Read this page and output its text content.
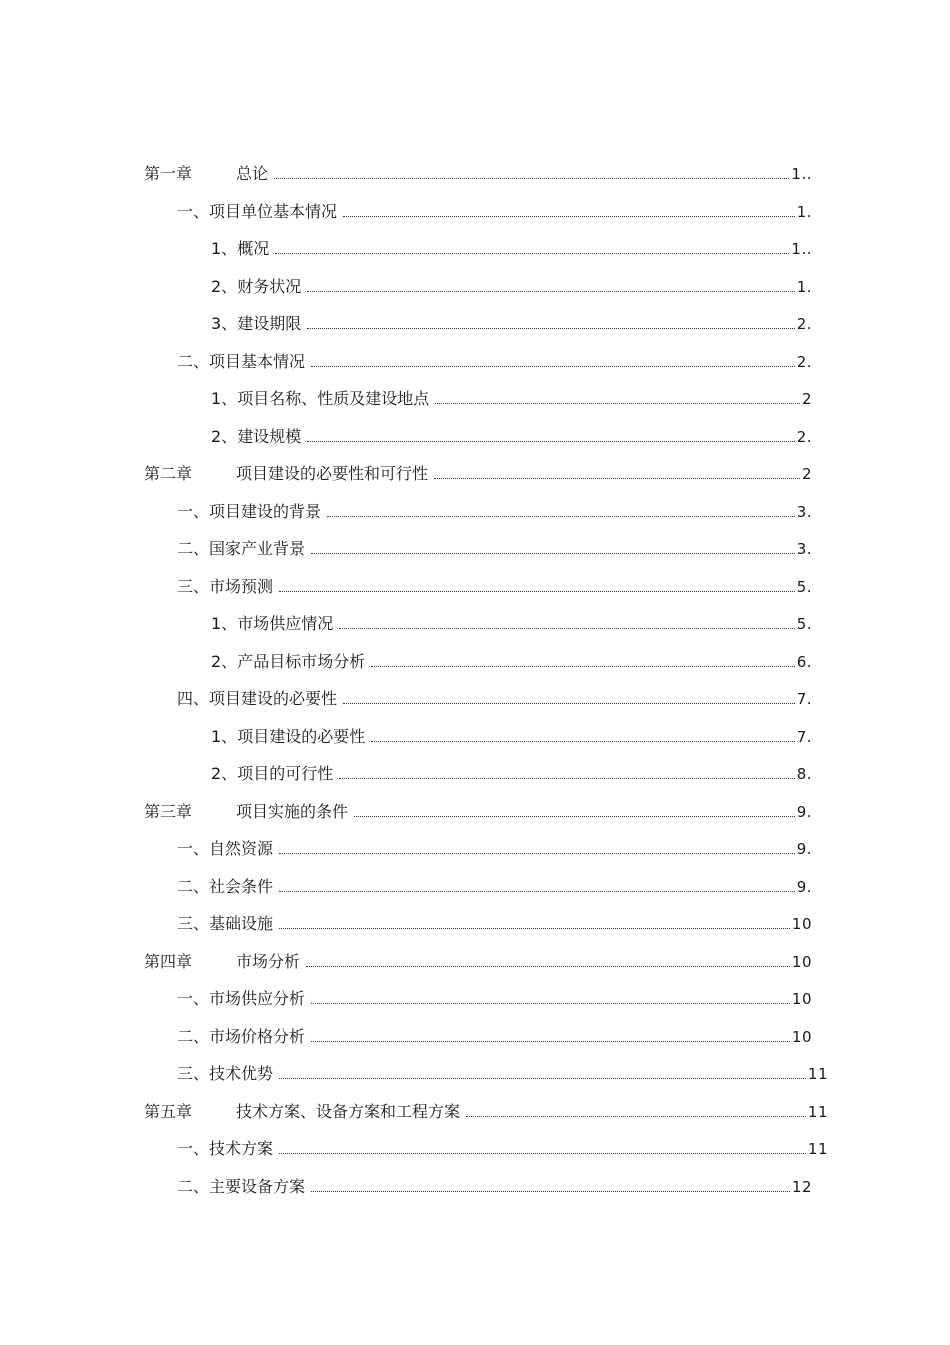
第一章	总论	1..
一、项目单位基本情况	1.
1、概况	1..
2、财务状况	1.
3、建设期限	2.
二、项目基本情况	2.
1、项目名称、性质及建设地点	2
2、建设规模	2.
第二章	项目建设的必要性和可行性	2
一、项目建设的背景	3.
二、国家产业背景	3.
三、市场预测	5.
1、市场供应情况	5.
2、产品目标市场分析	6.
四、项目建设的必要性	7.
1、项目建设的必要性	7.
2、项目的可行性	8.
第三章	项目实施的条件	9.
一、自然资源	9.
二、社会条件	9.
三、基础设施	10
第四章	市场分析	10
一、市场供应分析	10
二、市场价格分析	10
三、技术优势	11
第五章	技术方案、设备方案和工程方案	11
一、技术方案	11
二、主要设备方案	12
